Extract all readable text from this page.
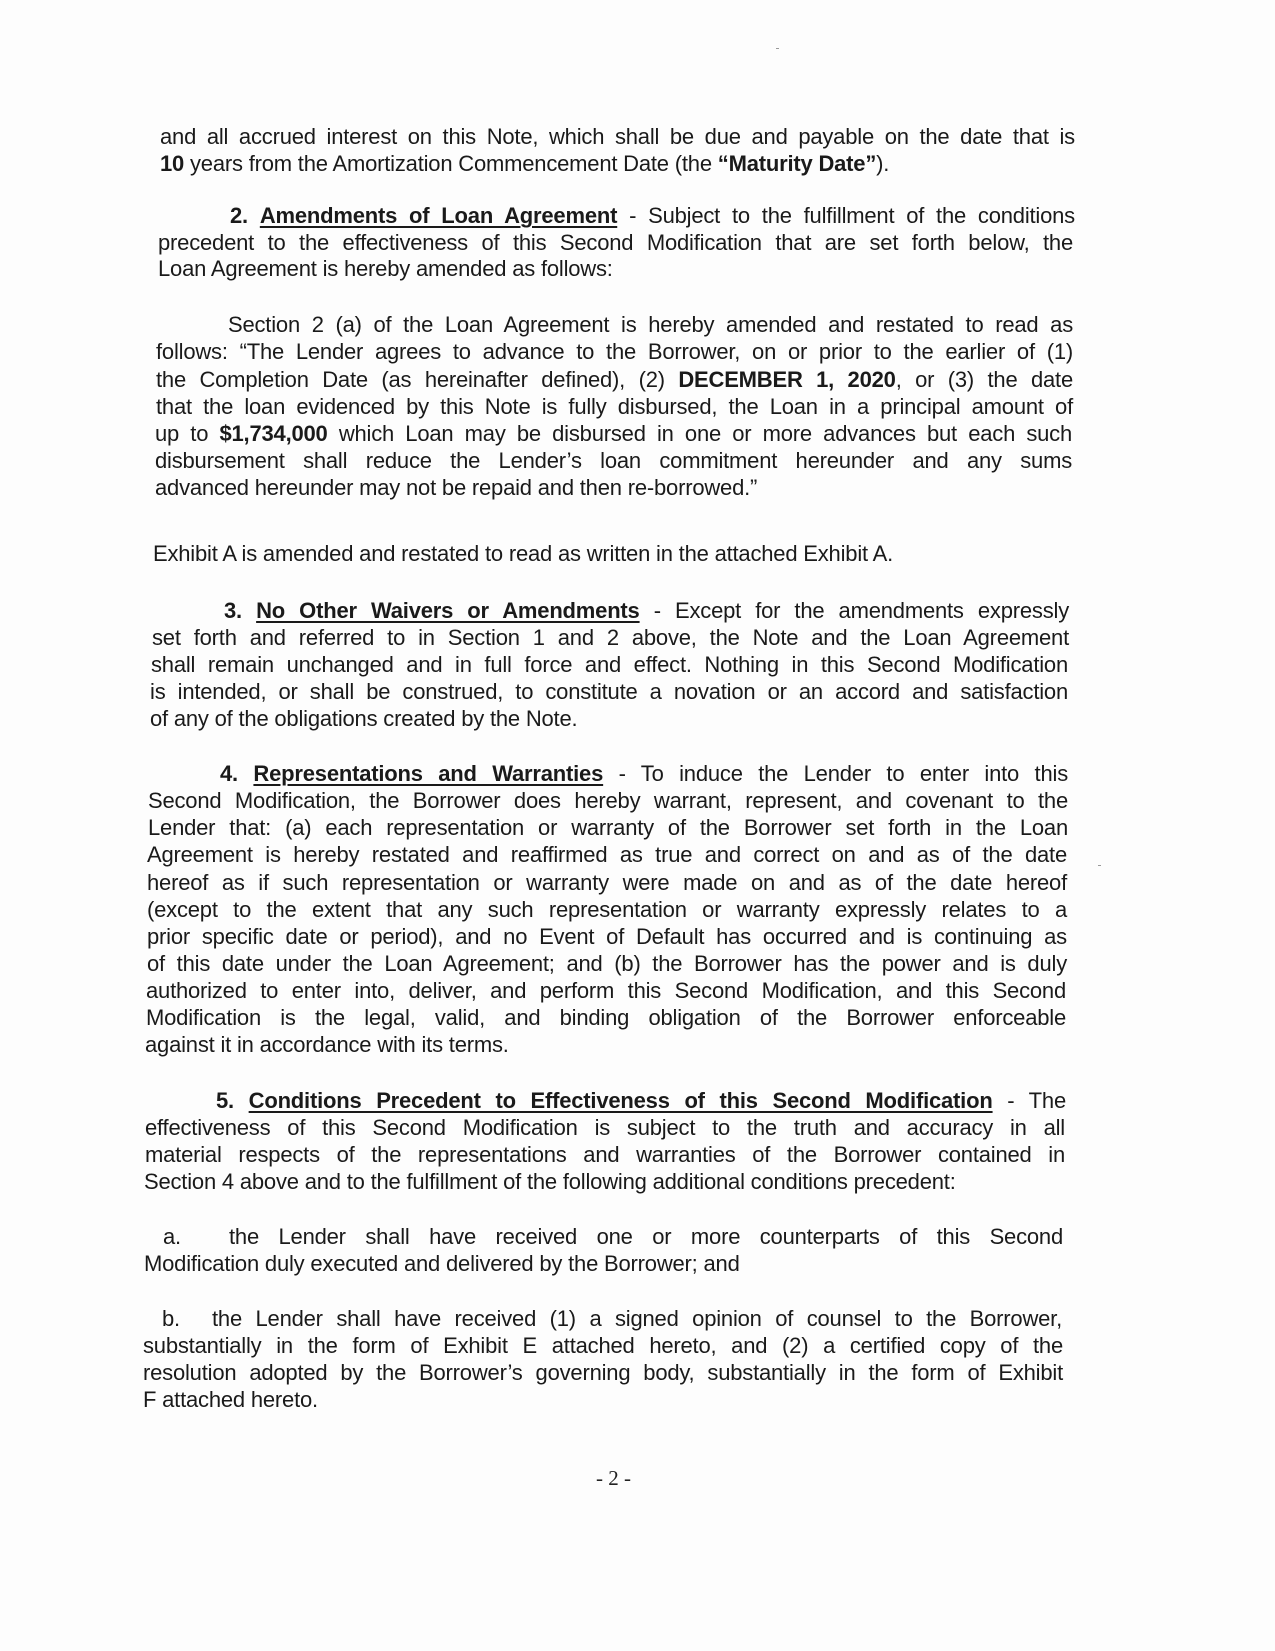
and all accrued interest on this Note, which shall be due and payable on the date that is
10 years from the Amortization Commencement Date (the “Maturity Date”).
2. Amendments of Loan Agreement - Subject to the fulfillment of the conditions
precedent to the effectiveness of this Second Modification that are set forth below, the
Loan Agreement is hereby amended as follows:
Section 2 (a) of the Loan Agreement is hereby amended and restated to read as
follows: “The Lender agrees to advance to the Borrower, on or prior to the earlier of (1)
the Completion Date (as hereinafter defined), (2) DECEMBER 1, 2020, or (3) the date
that the loan evidenced by this Note is fully disbursed, the Loan in a principal amount of
up to $1,734,000 which Loan may be disbursed in one or more advances but each such
disbursement shall reduce the Lender’s loan commitment hereunder and any sums
advanced hereunder may not be repaid and then re-borrowed.”
Exhibit A is amended and restated to read as written in the attached Exhibit A.
3. No Other Waivers or Amendments - Except for the amendments expressly
set forth and referred to in Section 1 and 2 above, the Note and the Loan Agreement
shall remain unchanged and in full force and effect. Nothing in this Second Modification
is intended, or shall be construed, to constitute a novation or an accord and satisfaction
of any of the obligations created by the Note.
4. Representations and Warranties - To induce the Lender to enter into this
Second Modification, the Borrower does hereby warrant, represent, and covenant to the
Lender that: (a) each representation or warranty of the Borrower set forth in the Loan
Agreement is hereby restated and reaffirmed as true and correct on and as of the date
hereof as if such representation or warranty were made on and as of the date hereof
(except to the extent that any such representation or warranty expressly relates to a
prior specific date or period), and no Event of Default has occurred and is continuing as
of this date under the Loan Agreement; and (b) the Borrower has the power and is duly
authorized to enter into, deliver, and perform this Second Modification, and this Second
Modification is the legal, valid, and binding obligation of the Borrower enforceable
against it in accordance with its terms.
5. Conditions Precedent to Effectiveness of this Second Modification - The
effectiveness of this Second Modification is subject to the truth and accuracy in all
material respects of the representations and warranties of the Borrower contained in
Section 4 above and to the fulfillment of the following additional conditions precedent:
a. the Lender shall have received one or more counterparts of this Second
Modification duly executed and delivered by the Borrower; and
b. the Lender shall have received (1) a signed opinion of counsel to the Borrower,
substantially in the form of Exhibit E attached hereto, and (2) a certified copy of the
resolution adopted by the Borrower’s governing body, substantially in the form of Exhibit
F attached hereto.
- 2 -
